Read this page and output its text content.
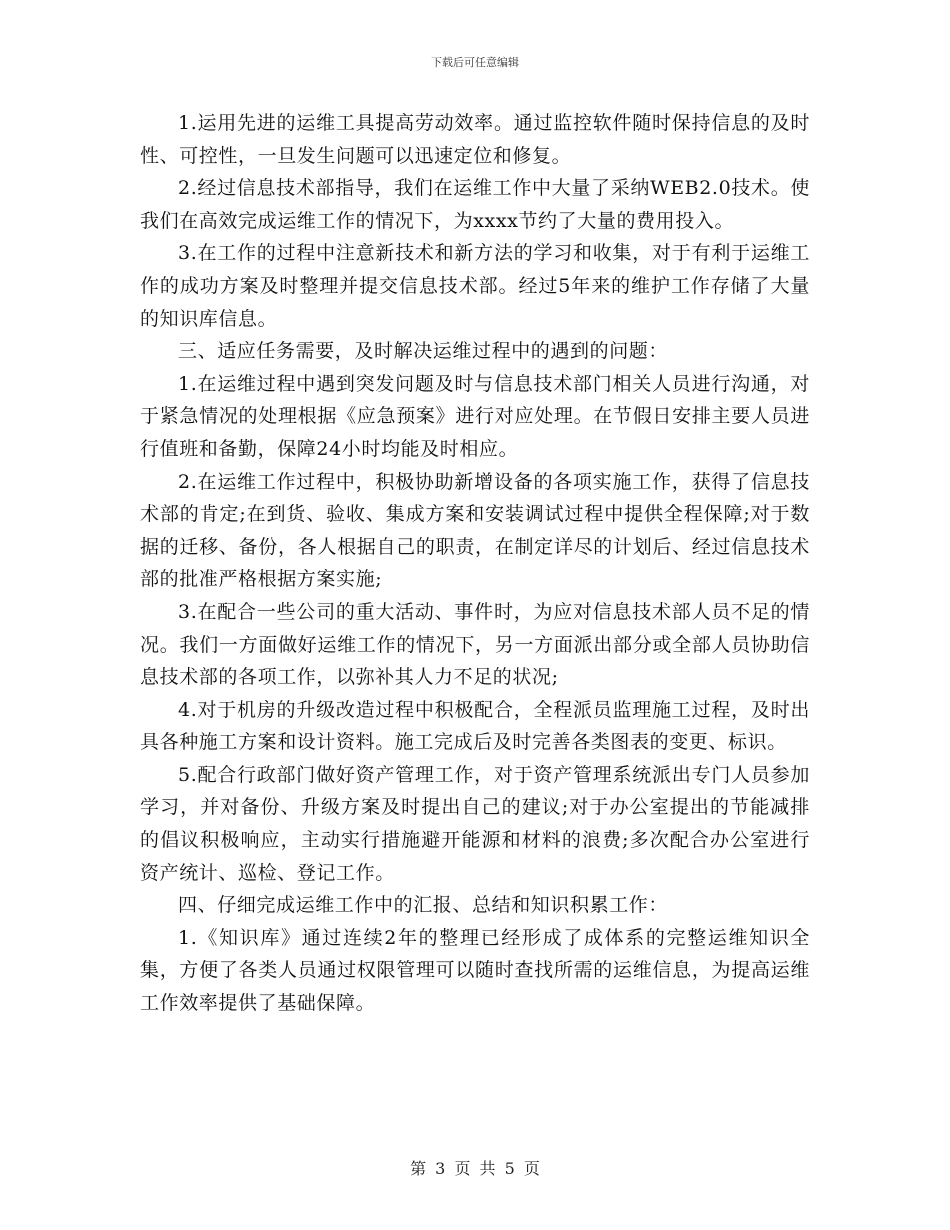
下载后可任意编辑

1.运用先进的运维工具提高劳动效率。通过监控软件随时保持信息的及时性、可控性，一旦发生问题可以迅速定位和修复。

2.经过信息技术部指导，我们在运维工作中大量了采纳WEB2.0技术。使我们在高效完成运维工作的情况下，为xxxx节约了大量的费用投入。

3.在工作的过程中注意新技术和新方法的学习和收集，对于有利于运维工作的成功方案及时整理并提交信息技术部。经过5年来的维护工作存储了大量的知识库信息。

三、适应任务需要，及时解决运维过程中的遇到的问题：

1.在运维过程中遇到突发问题及时与信息技术部门相关人员进行沟通，对于紧急情况的处理根据《应急预案》进行对应处理。在节假日安排主要人员进行值班和备勤，保障24小时均能及时相应。

2.在运维工作过程中，积极协助新增设备的各项实施工作，获得了信息技术部的肯定;在到货、验收、集成方案和安装调试过程中提供全程保障;对于数据的迁移、备份，各人根据自己的职责，在制定详尽的计划后、经过信息技术部的批准严格根据方案实施;

3.在配合一些公司的重大活动、事件时，为应对信息技术部人员不足的情况。我们一方面做好运维工作的情况下，另一方面派出部分或全部人员协助信息技术部的各项工作，以弥补其人力不足的状况;

4.对于机房的升级改造过程中积极配合，全程派员监理施工过程，及时出具各种施工方案和设计资料。施工完成后及时完善各类图表的变更、标识。

5.配合行政部门做好资产管理工作，对于资产管理系统派出专门人员参加学习，并对备份、升级方案及时提出自己的建议;对于办公室提出的节能减排的倡议积极响应，主动实行措施避开能源和材料的浪费;多次配合办公室进行资产统计、巡检、登记工作。

四、仔细完成运维工作中的汇报、总结和知识积累工作：

1.《知识库》通过连续2年的整理已经形成了成体系的完整运维知识全集，方便了各类人员通过权限管理可以随时查找所需的运维信息，为提高运维工作效率提供了基础保障。

第 3 页 共 5 页
